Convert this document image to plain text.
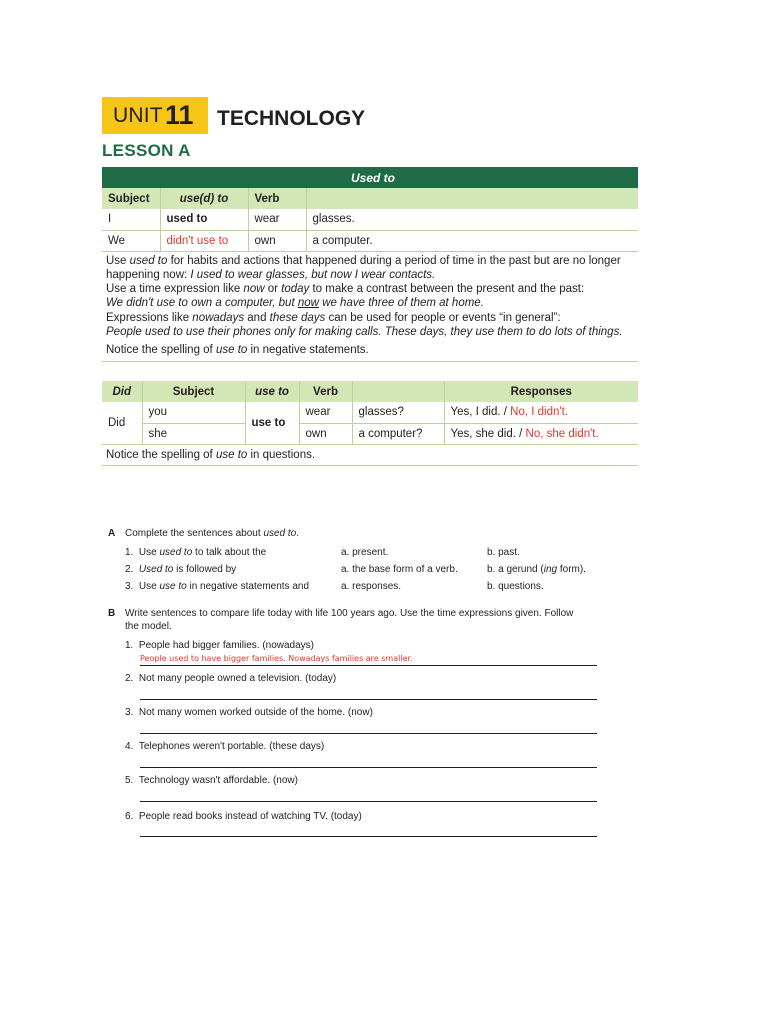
UNIT 11 TECHNOLOGY
LESSON A
Used to			
Subject	use(d) to	Verb	
I	used to	wear	glasses.
We	didn't use to	own	a computer.

Use used to for habits and actions that happened during a period of time in the past but are no longer

happening now: I used to wear glasses, but now I wear contacts.

Use a time expression like now or today to make a contrast between the present and the past:

We didn't use to own a computer, but now we have three of them at home.

Expressions like nowadays and these days can be used for people or events “in general”:

People used to use their phones only for making calls. These days, they use them to do lots of things.

Notice the spelling of use to in negative statements.

Did	Subject	use to	Verb		Responses
Did	you	use to	wear	glasses?	Yes, I did. / No, I didn't.
	she		own	a computer?	Yes, she did. / No, she didn't.

Notice the spelling of use to in questions.

A Complete the sentences about used to.
1. Use used to to talk about the	a. present.	b. past.
2. Used to is followed by	a. the base form of a verb.	b. a gerund (ing form).
3. Use use to in negative statements and	a. responses.	b. questions.
B Write sentences to compare life today with life 100 years ago. Use the time expressions given. Follow
the model.
1. People had bigger families. (nowadays)
People used to have bigger families. Nowadays families are smaller.
2. Not many people owned a television. (today)
3. Not many women worked outside of the home. (now)
4. Telephones weren't portable. (these days)
5. Technology wasn't affordable. (now)
6. People read books instead of watching TV. (today)
